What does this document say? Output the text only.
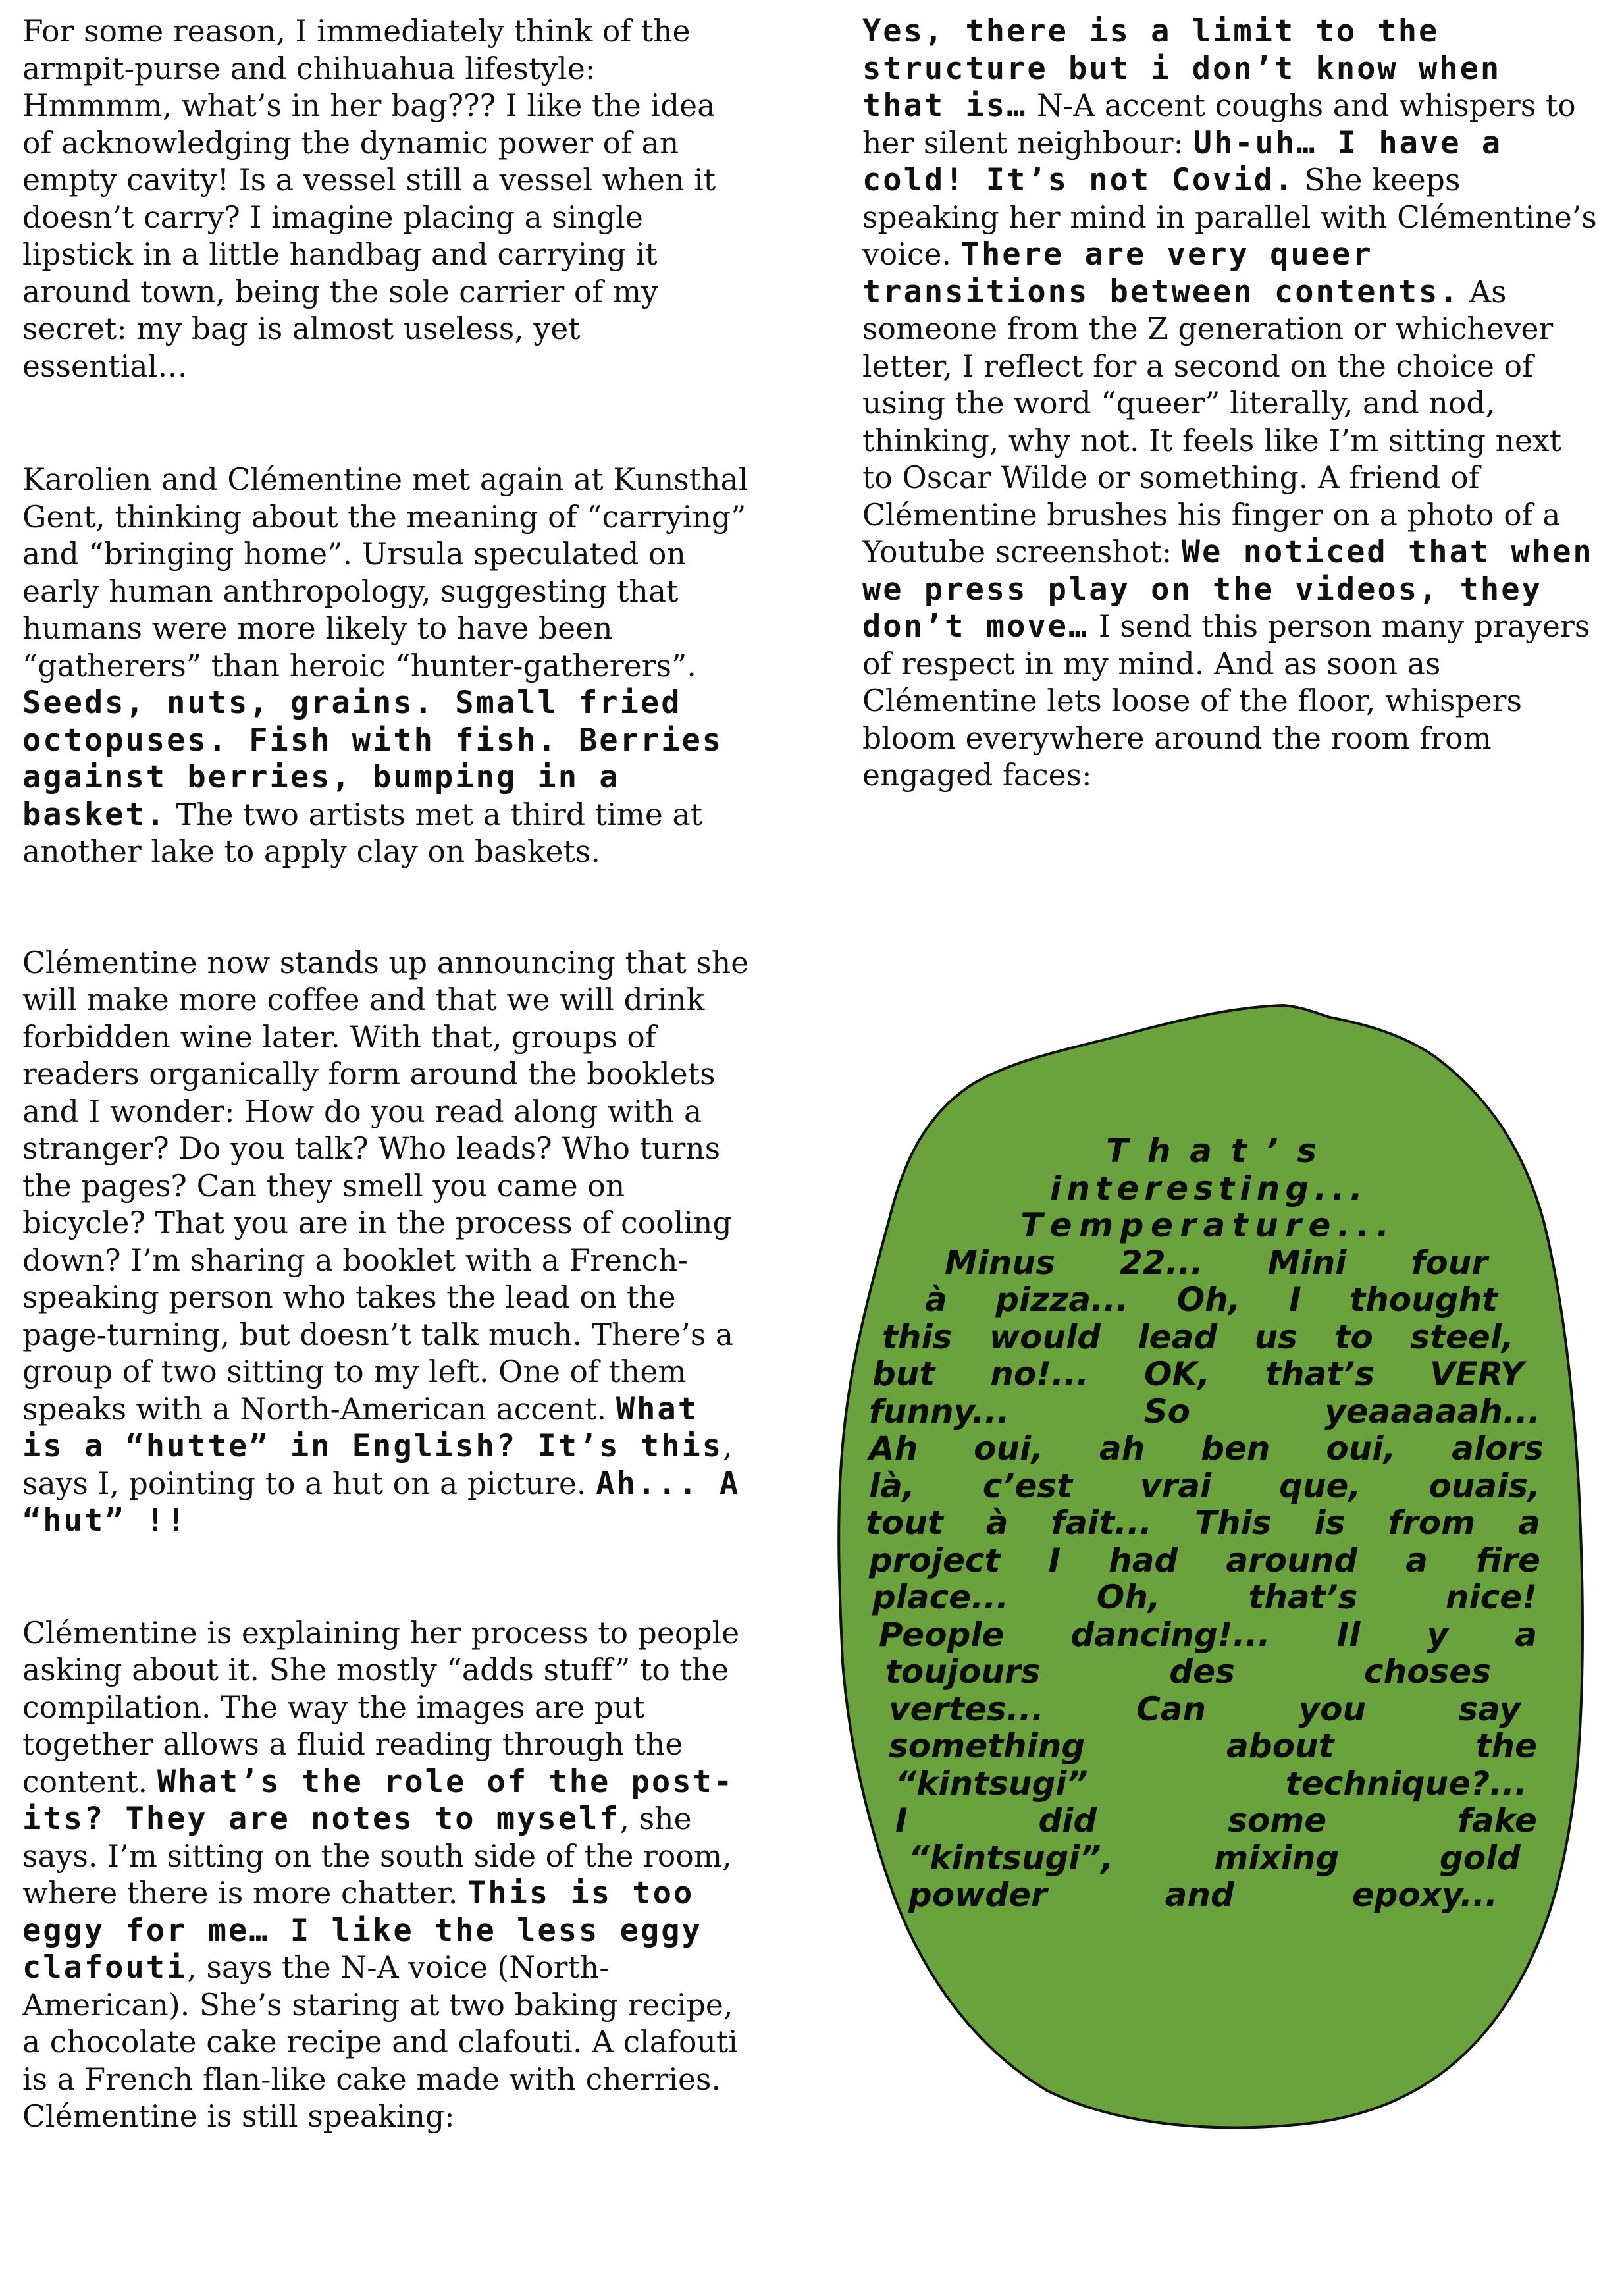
For some reason, I immediately think of the armpit-purse and chihuahua lifestyle: Hmmmm, what’s in her bag??? I like the idea of acknowledging the dynamic power of an empty cavity! Is a vessel still a vessel when it doesn’t carry? I imagine placing a single lipstick in a little handbag and carrying it around town, being the sole carrier of my secret: my bag is almost useless, yet essential…

Karolien and Clémentine met again at Kunsthal Gent, thinking about the meaning of “carrying” and “bringing home”. Ursula speculated on early human anthropology, suggesting that humans were more likely to have been “gatherers” than heroic “hunter-gatherers”. Seeds, nuts, grains. Small fried octopuses. Fish with fish. Berries against berries, bumping in a basket. The two artists met a third time at another lake to apply clay on baskets.

Clémentine now stands up announcing that she will make more coffee and that we will drink forbidden wine later. With that, groups of readers organically form around the booklets and I wonder: How do you read along with a stranger? Do you talk? Who leads? Who turns the pages? Can they smell you came on bicycle? That you are in the process of cooling down? I’m sharing a booklet with a French-speaking person who takes the lead on the page-turning, but doesn’t talk much. There’s a group of two sitting to my left. One of them speaks with a North-American accent. What is a “hutte” in English? It’s this, says I, pointing to a hut on a picture. Ah... A “hut” !!

Clémentine is explaining her process to people asking about it. She mostly “adds stuff” to the compilation. The way the images are put together allows a fluid reading through the content. What’s the role of the post-its? They are notes to myself, she says. I’m sitting on the south side of the room, where there is more chatter. This is too eggy for me… I like the less eggy clafouti, says the N-A voice (North-American). She’s staring at two baking recipe, a chocolate cake recipe and clafouti. A clafouti is a French flan-like cake made with cherries. Clémentine is still speaking:

Yes, there is a limit to the structure but i don’t know when that is… N-A accent coughs and whispers to her silent neighbour: Uh-uh… I have a cold! It’s not Covid. She keeps speaking her mind in parallel with Clémentine’s voice. There are very queer transitions between contents. As someone from the Z generation or whichever letter, I reflect for a second on the choice of using the word “queer” literally, and nod, thinking, why not. It feels like I’m sitting next to Oscar Wilde or something. A friend of Clémentine brushes his finger on a photo of a Youtube screenshot: We noticed that when we press play on the videos, they don’t move… I send this person many prayers of respect in my mind. And as soon as Clémentine lets loose of the floor, whispers bloom everywhere around the room from engaged faces:

T h a t ’ s
i n t e r e s t i n g . . .
T e m p e r a t u r e . . .
Minus 22... Mini four
à pizza... Oh, I thought
this would lead us to steel,
but no!... OK, that’s VERY
funny...	So	yeaaaaah...
Ah oui, ah ben oui, alors
là, c’est vrai que, ouais,
tout à fait... This is from a
project I had around a fire
place...	Oh,	that’s	nice!
People dancing!... Il y a
toujours	des	choses
vertes...	Can	you	say
something	about	the
“kintsugi”	technique?...
I	did	some	fake
“kintsugi”,	mixing	gold
powder	and	epoxy...
